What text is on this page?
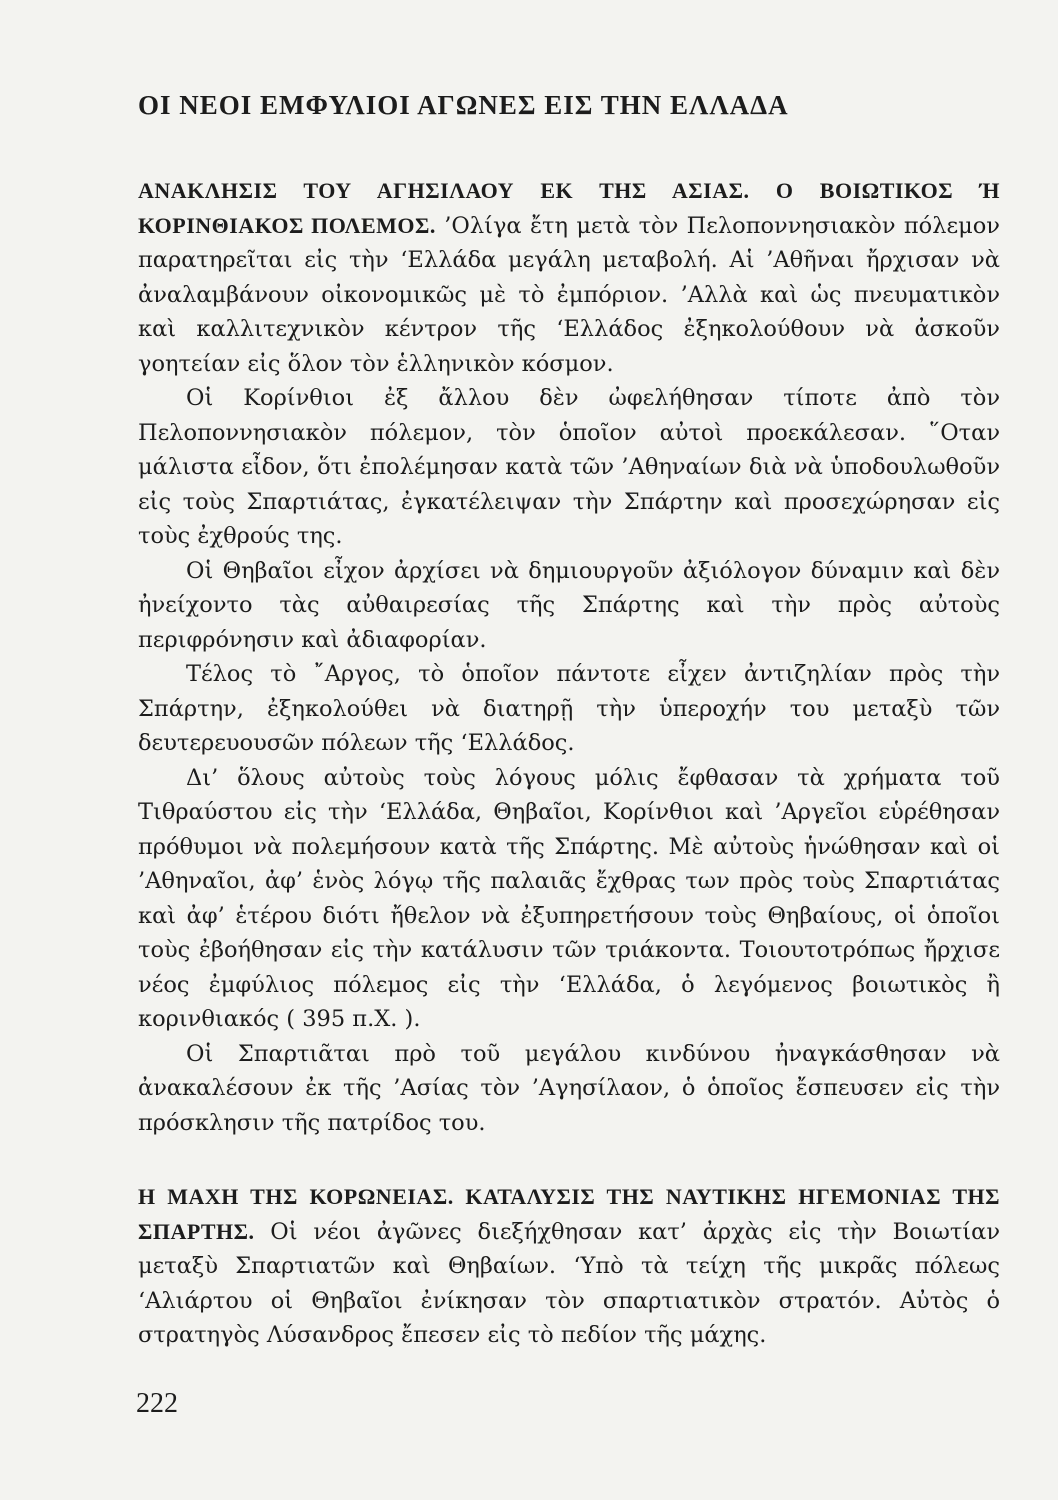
ΟΙ ΝΕΟΙ ΕΜΦΥΛΙΟΙ ΑΓΩΝΕΣ ΕΙΣ ΤΗΝ ΕΛΛΑΔΑ

ΑΝΑΚΛΗΣΙΣ ΤΟΥ ΑΓΗΣΙΛΑΟΥ ΕΚ ΤΗΣ ΑΣΙΑΣ. Ο ΒΟΙΩΤΙΚΟΣ Ή ΚΟΡΙΝΘΙΑΚΟΣ ΠΟΛΕΜΟΣ. ’Ολίγα ἔτη μετὰ τὸν Πελοποννησιακὸν πόλεμον παρατηρεῖται εἰς τὴν ‘Ελλάδα μεγάλη μεταβολή. Αἱ ’Αθῆναι ἤρχισαν νὰ ἀναλαμβάνουν οἰκονομικῶς μὲ τὸ ἐμπόριον. ’Αλλὰ καὶ ὡς πνευματικὸν καὶ καλλιτεχνικὸν κέντρον τῆς ‘Ελλάδος ἐξηκολούθουν νὰ ἀσκοῦν γοητείαν εἰς ὅλον τὸν ἑλληνικὸν κόσμον.

Οἱ Κορίνθιοι ἐξ ἄλλου δὲν ὠφελήθησαν τίποτε ἀπὸ τὸν Πελοποννησιακὸν πόλεμον, τὸν ὁποῖον αὐτοὶ προεκάλεσαν. ῞Οταν μάλιστα εἶδον, ὅτι ἐπολέμησαν κατὰ τῶν ’Αθηναίων διὰ νὰ ὑποδουλωθοῦν εἰς τοὺς Σπαρτιάτας, ἐγκατέλειψαν τὴν Σπάρτην καὶ προσεχώρησαν εἰς τοὺς ἐχθρούς της.

Οἱ Θηβαῖοι εἶχον ἀρχίσει νὰ δημιουργοῦν ἀξιόλογον δύναμιν καὶ δὲν ἠνείχοντο τὰς αὐθαιρεσίας τῆς Σπάρτης καὶ τὴν πρὸς αὐτοὺς περιφρόνησιν καὶ ἀδιαφορίαν.

Τέλος τὸ ῎Αργος, τὸ ὁποῖον πάντοτε εἶχεν ἀντιζηλίαν πρὸς τὴν Σπάρτην, ἐξηκολούθει νὰ διατηρῇ τὴν ὑπεροχήν του μεταξὺ τῶν δευτερευουσῶν πόλεων τῆς ‘Ελλάδος.

Δι’ ὅλους αὐτοὺς τοὺς λόγους μόλις ἔφθασαν τὰ χρήματα τοῦ Τιθραύστου εἰς τὴν ‘Ελλάδα, Θηβαῖοι, Κορίνθιοι καὶ ’Αργεῖοι εὑρέθησαν πρόθυμοι νὰ πολεμήσουν κατὰ τῆς Σπάρτης. Μὲ αὐτοὺς ἡνώθησαν καὶ οἱ ’Αθηναῖοι, ἀφ’ ἑνὸς λόγῳ τῆς παλαιᾶς ἔχθρας των πρὸς τοὺς Σπαρτιάτας καὶ ἀφ’ ἑτέρου διότι ἤθελον νὰ ἐξυπηρετήσουν τοὺς Θηβαίους, οἱ ὁποῖοι τοὺς ἐβοήθησαν εἰς τὴν κατάλυσιν τῶν τριάκοντα. Τοιουτοτρόπως ἤρχισε νέος ἐμφύλιος πόλεμος εἰς τὴν ‘Ελλάδα, ὁ λεγόμενος βοιωτικὸς ἢ κορινθιακός ( 395 π.Χ. ).

Οἱ Σπαρτιᾶται πρὸ τοῦ μεγάλου κινδύνου ἠναγκάσθησαν νὰ ἀνακαλέσουν ἐκ τῆς ’Ασίας τὸν ’Αγησίλαον, ὁ ὁποῖος ἔσπευσεν εἰς τὴν πρόσκλησιν τῆς πατρίδος του.

Η ΜΑΧΗ ΤΗΣ ΚΟΡΩΝΕΙΑΣ. ΚΑΤΑΛΥΣΙΣ ΤΗΣ ΝΑΥΤΙΚΗΣ ΗΓΕΜΟΝΙΑΣ ΤΗΣ ΣΠΑΡΤΗΣ. Οἱ νέοι ἀγῶνες διεξήχθησαν κατ’ ἀρχὰς εἰς τὴν Βοιωτίαν μεταξὺ Σπαρτιατῶν καὶ Θηβαίων. ‘Υπὸ τὰ τείχη τῆς μικρᾶς πόλεως ‘Αλιάρτου οἱ Θηβαῖοι ἐνίκησαν τὸν σπαρτιατικὸν στρατόν. Αὐτὸς ὁ στρατηγὸς Λύσανδρος ἔπεσεν εἰς τὸ πεδίον τῆς μάχης.

222
